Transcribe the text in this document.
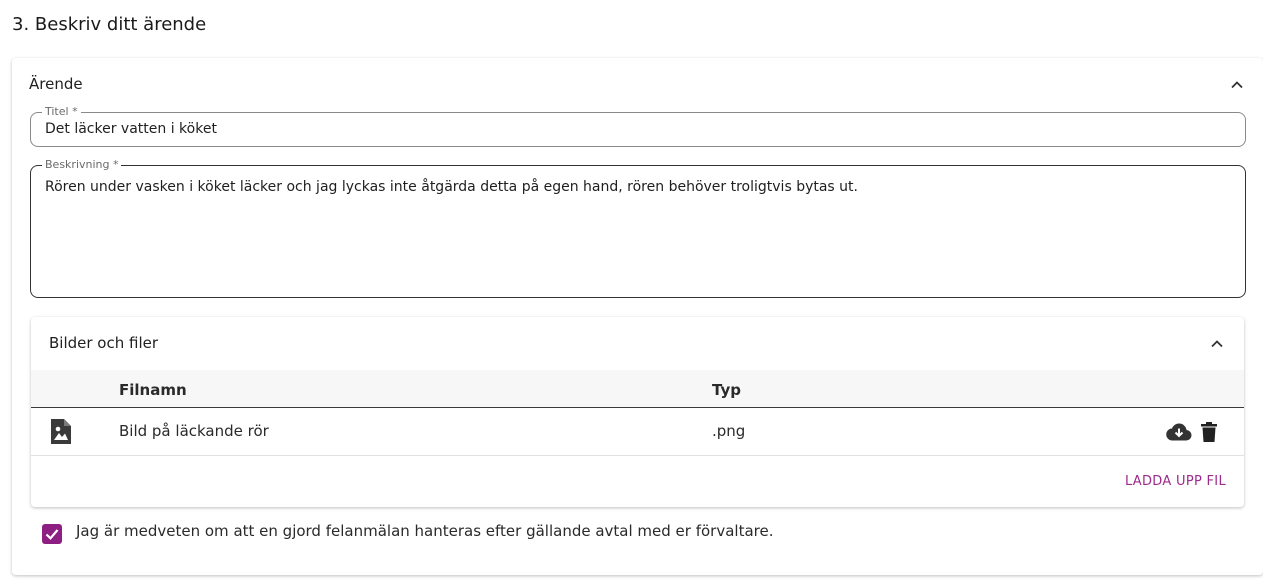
3. Beskriv ditt ärende
Ärende
Titel *
Det läcker vatten i köket
Beskrivning *
Rören under vasken i köket läcker och jag lyckas inte åtgärda detta på egen hand, rören behöver troligtvis bytas ut.
Bilder och filer
Filnamn	Typ
Bild på läckande rör	.png
LADDA UPP FIL
Jag är medveten om att en gjord felanmälan hanteras efter gällande avtal med er förvaltare.
